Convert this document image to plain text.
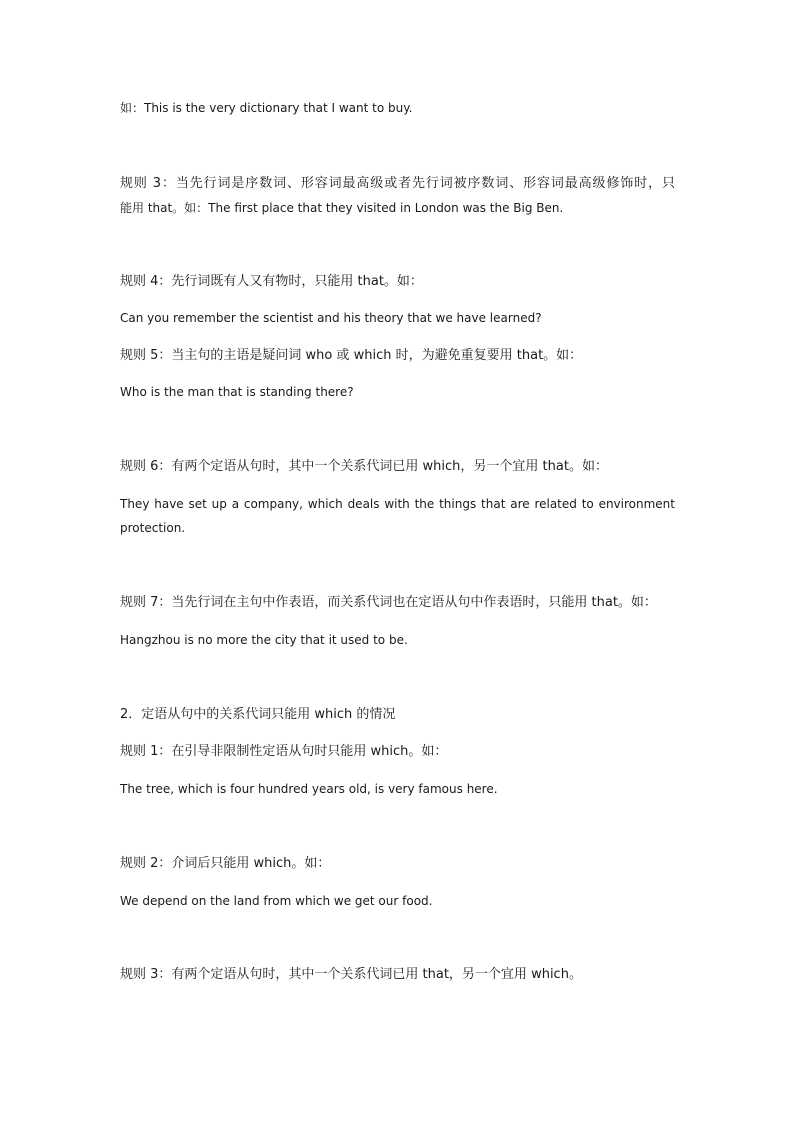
如：This is the very dictionary that I want to buy.
规则 3：当先行词是序数词、形容词最高级或者先行词被序数词、形容词最高级修饰时，只
能用 that。如：The first place that they visited in London was the Big Ben.
规则 4：先行词既有人又有物时，只能用 that。如：
Can you remember the scientist and his theory that we have learned?
规则 5：当主句的主语是疑问词 who 或 which 时，为避免重复要用 that。如：
Who is the man that is standing there?
规则 6：有两个定语从句时，其中一个关系代词已用 which，另一个宜用 that。如：
They have set up a company, which deals with the things that are related to environment
protection.
规则 7：当先行词在主句中作表语，而关系代词也在定语从句中作表语时，只能用 that。如：
Hangzhou is no more the city that it used to be.
2．定语从句中的关系代词只能用 which 的情况
规则 1：在引导非限制性定语从句时只能用 which。如：
The tree, which is four hundred years old, is very famous here.
规则 2：介词后只能用 which。如：
We depend on the land from which we get our food.
规则 3：有两个定语从句时，其中一个关系代词已用 that，另一个宜用 which。
